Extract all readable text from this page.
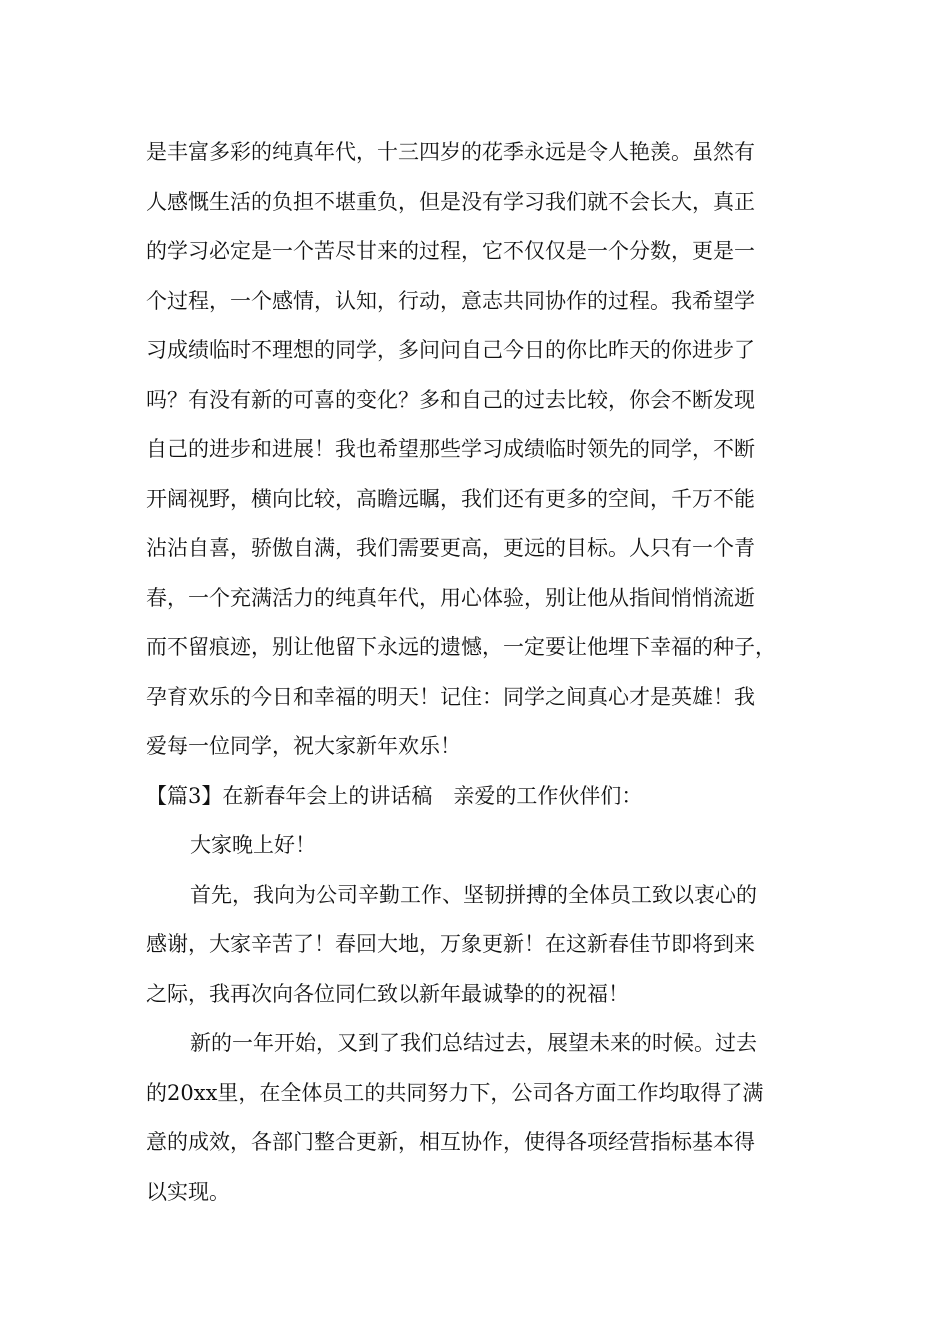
是丰富多彩的纯真年代，十三四岁的花季永远是令人艳羡。虽然有
人感慨生活的负担不堪重负，但是没有学习我们就不会长大，真正
的学习必定是一个苦尽甘来的过程，它不仅仅是一个分数，更是一
个过程，一个感情，认知，行动，意志共同协作的过程。我希望学
习成绩临时不理想的同学，多问问自己今日的你比昨天的你进步了
吗？有没有新的可喜的变化？多和自己的过去比较，你会不断发现
自己的进步和进展！我也希望那些学习成绩临时领先的同学，不断
开阔视野，横向比较，高瞻远瞩，我们还有更多的空间，千万不能
沾沾自喜，骄傲自满，我们需要更高，更远的目标。人只有一个青
春，一个充满活力的纯真年代，用心体验，别让他从指间悄悄流逝
而不留痕迹，别让他留下永远的遗憾，一定要让他埋下幸福的种子，
孕育欢乐的今日和幸福的明天！记住：同学之间真心才是英雄！我
爱每一位同学，祝大家新年欢乐！
【篇3】在新春年会上的讲话稿　亲爱的工作伙伴们：
大家晚上好！
首先，我向为公司辛勤工作、坚韧拼搏的全体员工致以衷心的
感谢，大家辛苦了！春回大地，万象更新！在这新春佳节即将到来
之际，我再次向各位同仁致以新年最诚挚的的祝福！
新的一年开始，又到了我们总结过去，展望未来的时候。过去
的20xx里，在全体员工的共同努力下，公司各方面工作均取得了满
意的成效，各部门整合更新，相互协作，使得各项经营指标基本得
以实现。
